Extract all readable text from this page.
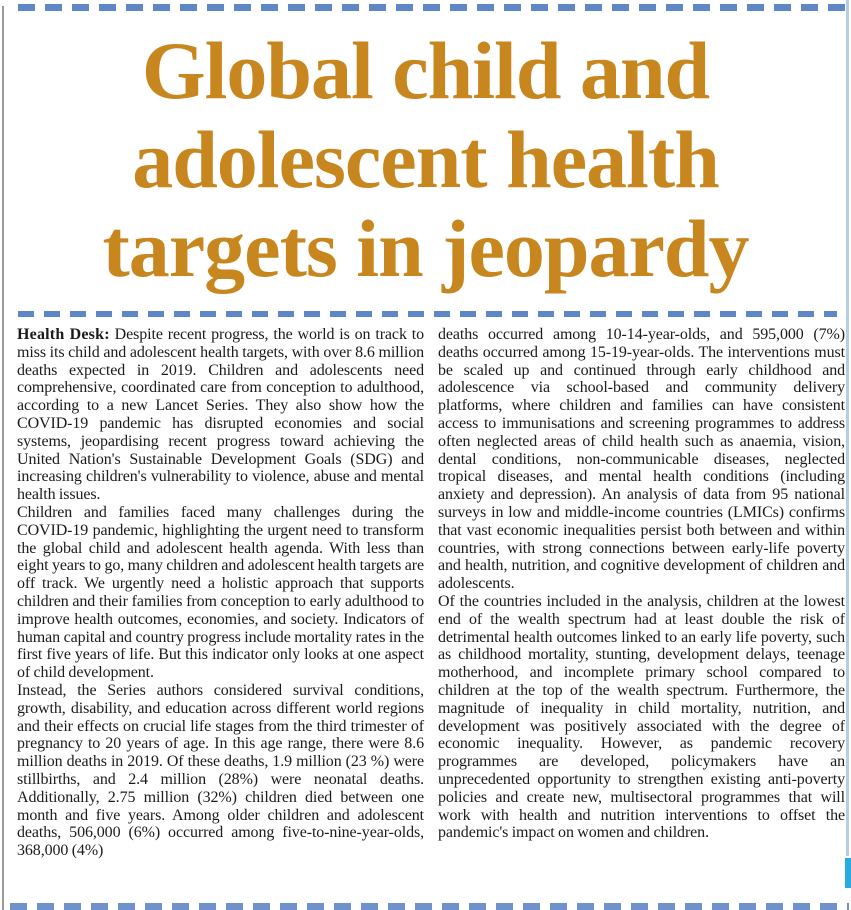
Global child and
adolescent health
targets in jeopardy

Health Desk: Despite recent progress, the world is on track to miss its child and adolescent health targets, with over 8.6 million deaths expected in 2019. Children and adolescents need comprehensive, coordinated care from conception to adulthood, according to a new Lancet Series. They also show how the COVID-19 pandemic has disrupted economies and social systems, jeopardising recent progress toward achieving the United Nation's Sustainable Development Goals (SDG) and increasing children's vulnerability to violence, abuse and mental health issues.

Children and families faced many challenges during the COVID-19 pandemic, highlighting the urgent need to transform the global child and adolescent health agenda. With less than eight years to go, many children and adolescent health targets are off track. We urgently need a holistic approach that supports children and their families from conception to early adulthood to improve health outcomes, economies, and society. Indicators of human capital and country progress include mortality rates in the first five years of life. But this indicator only looks at one aspect of child development.

Instead, the Series authors considered survival conditions, growth, disability, and education across different world regions and their effects on crucial life stages from the third trimester of pregnancy to 20 years of age. In this age range, there were 8.6 million deaths in 2019. Of these deaths, 1.9 million (23 %) were stillbirths, and 2.4 million (28%) were neonatal deaths. Additionally, 2.75 million (32%) children died between one month and five years. Among older children and adolescent deaths, 506,000 (6%) occurred among five-to-nine-year-olds, 368,000 (4%)

deaths occurred among 10-14-year-olds, and 595,000 (7%) deaths occurred among 15-19-year-olds. The interventions must be scaled up and continued through early childhood and adolescence via school-based and community delivery platforms, where children and families can have consistent access to immunisations and screening programmes to address often neglected areas of child health such as anaemia, vision, dental conditions, non-communicable diseases, neglected tropical diseases, and mental health conditions (including anxiety and depression). An analysis of data from 95 national surveys in low and middle-income countries (LMICs) confirms that vast economic inequalities persist both between and within countries, with strong connections between early-life poverty and health, nutrition, and cognitive development of children and adolescents.

Of the countries included in the analysis, children at the lowest end of the wealth spectrum had at least double the risk of detrimental health outcomes linked to an early life poverty, such as childhood mortality, stunting, development delays, teenage motherhood, and incomplete primary school compared to children at the top of the wealth spectrum. Furthermore, the magnitude of inequality in child mortality, nutrition, and development was positively associated with the degree of economic inequality. However, as pandemic recovery programmes are developed, policymakers have an unprecedented opportunity to strengthen existing anti-poverty policies and create new, multisectoral programmes that will work with health and nutrition interventions to offset the pandemic's impact on women and children.
